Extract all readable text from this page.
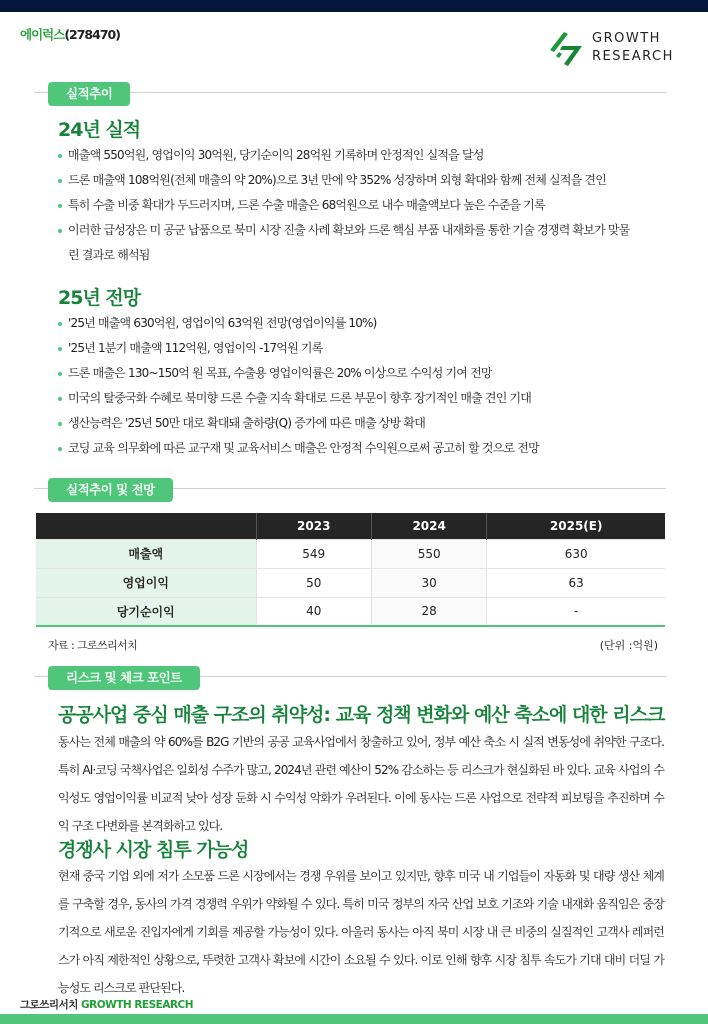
에이럭스(278470)	GROWTH
RESEARCH
실적추이
24년 실적
매출액 550억원, 영업이익 30억원, 당기순이익 28억원 기록하며 안정적인 실적을 달성
드론 매출액 108억원(전체 매출의 약 20%)으로 3년 만에 약 352% 성장하며 외형 확대와 함께 전체 실적을 견인
특히 수출 비중 확대가 두드러지며, 드론 수출 매출은 68억원으로 내수 매출액보다 높은 수준을 기록
이러한 급성장은 미 공군 납품으로 북미 시장 진출 사례 확보와 드론 핵심 부품 내재화를 통한 기술 경쟁력 확보가 맞물린 결과로 해석됨
25년 전망
'25년 매출액 630억원, 영업이익 63억원 전망(영업이익률 10%)
'25년 1분기 매출액 112억원, 영업이익 -17억원 기록
드론 매출은 130~150억 원 목표, 수출용 영업이익률은 20% 이상으로 수익성 기여 전망
미국의 탈중국화 수혜로 북미향 드론 수출 지속 확대로 드론 부문이 향후 장기적인 매출 견인 기대
생산능력은 '25년 50만 대로 확대돼 출하량(Q) 증가에 따른 매출 상방 확대
코딩 교육 의무화에 따른 교구재 및 교육서비스 매출은 안정적 수익원으로써 공고히 할 것으로 전망
실적추이 및 전망
	2023	2024	2025(E)
매출액	549	550	630
영업이익	50	30	63
당기순이익	40	28	-
자료 : 그로쓰리서치	(단위 :억원)
리스크 및 체크 포인트
공공사업 중심 매출 구조의 취약성: 교육 정책 변화와 예산 축소에 대한 리스크
동사는 전체 매출의 약 60%를 B2G 기반의 공공 교육사업에서 창출하고 있어, 정부 예산 축소 시 실적 변동성에 취약한 구조다. 특히 AI·코딩 국책사업은 일회성 수주가 많고, 2024년 관련 예산이 52% 감소하는 등 리스크가 현실화된 바 있다. 교육 사업의 수익성도 영업이익률 비교적 낮아 성장 둔화 시 수익성 악화가 우려된다. 이에 동사는 드론 사업으로 전략적 피보팅을 추진하며 수익 구조 다변화를 본격화하고 있다.
경쟁사 시장 침투 가능성
현재 중국 기업 외에 저가 소모품 드론 시장에서는 경쟁 우위를 보이고 있지만, 향후 미국 내 기업들이 자동화 및 대량 생산 체계를 구축할 경우, 동사의 가격 경쟁력 우위가 약화될 수 있다. 특히 미국 정부의 자국 산업 보호 기조와 기술 내재화 움직임은 중장기적으로 새로운 진입자에게 기회를 제공할 가능성이 있다. 아울러 동사는 아직 북미 시장 내 큰 비중의 실질적인 고객사 레퍼런스가 아직 제한적인 상황으로, 뚜렷한 고객사 확보에 시간이 소요될 수 있다. 이로 인해 향후 시장 침투 속도가 기대 대비 더딜 가능성도 리스크로 판단된다.
그로쓰리서치 GROWTH RESEARCH
